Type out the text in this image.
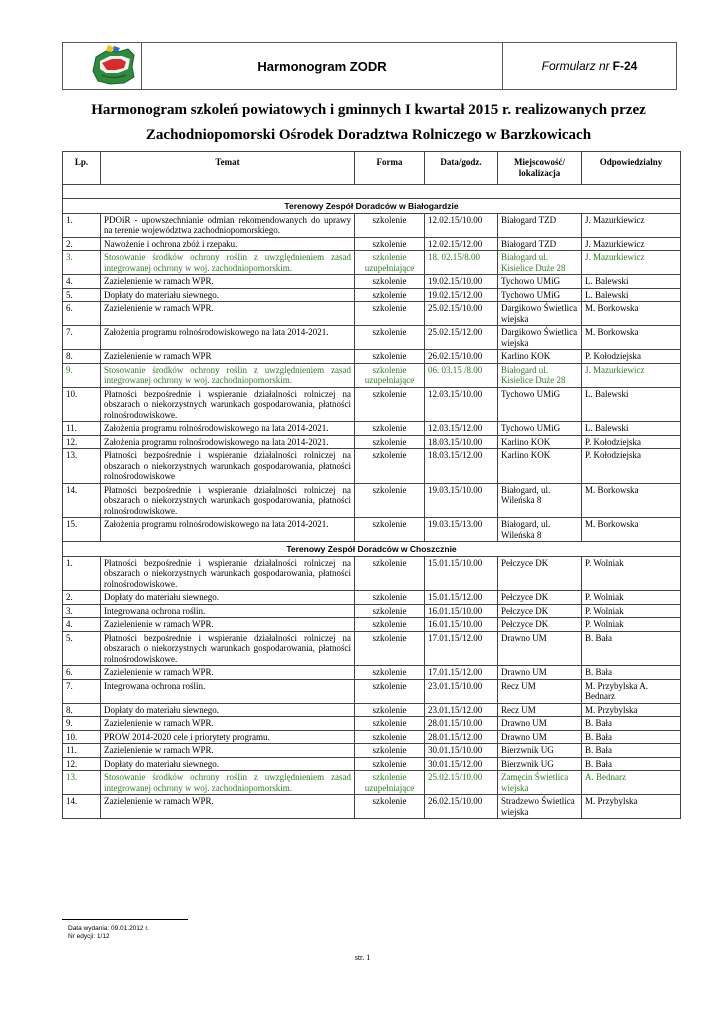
Harmonogram ZODR	Formularz nr F-24
Harmonogram szkoleń powiatowych i gminnych I kwartał 2015 r. realizowanych przez
Zachodniopomorski Ośrodek Doradztwa Rolniczego w Barzkowicach
Lp.	Temat	Forma	Data/godz.	Miejscowość/ lokalizacja	Odpowiedzialny

Terenowy Zespół Doradców w Białogardzie					
1.	PDOiR - upowszechnianie odmian rekomendowanych do uprawy na terenie województwa zachodniopomorskiego.	szkolenie	12.02.15/10.00	Białogard TZD	J. Mazurkiewicz
2.	Nawożenie i ochrona zbóż i rzepaku.	szkolenie	12.02.15/12.00	Białogard TZD	J. Mazurkiewicz
3.	Stosowanie środków ochrony roślin z uwzględnieniem zasad integrowanej ochrony w woj. zachodniopomorskim.	szkolenie uzupełniające	18. 02.15/8.00	Białogard ul. Kisielice Duże 28	J. Mazurkiewicz
4.	Zazielenienie w ramach WPR.	szkolenie	19.02.15/10.00	Tychowo UMiG	L. Balewski
5.	Dopłaty do materiału siewnego.	szkolenie	19.02.15/12.00	Tychowo UMiG	L. Balewski
6.	Zazielenienie w ramach WPR.	szkolenie	25.02.15/10.00	Dargikowo Świetlica wiejska	M. Borkowska
7.	Założenia programu rolnośrodowiskowego na lata 2014-2021.	szkolenie	25.02.15/12.00	Dargikowo Świetlica wiejska	M. Borkowska
8.	Zazielenienie w ramach WPR	szkolenie	26.02.15/10.00	Karlino KOK	P. Kołodziejska
9.	Stosowanie środków ochrony roślin z uwzględnieniem zasad integrowanej ochrony w woj. zachodniopomorskim.	szkolenie uzupełniające	06. 03.15 /8.00	Białogard ul. Kisielice Duże 28	J. Mazurkiewicz
10.	Płatności bezpośrednie i wspieranie działalności rolniczej na obszarach o niekorzystnych warunkach gospodarowania, płatności rolnośrodowiskowe.	szkolenie	12.03.15/10.00	Tychowo UMiG	L. Balewski
11.	Założenia programu rolnośrodowiskowego na lata 2014-2021.	szkolenie	12.03.15/12.00	Tychowo UMiG	L. Balewski
12.	Założenia programu rolnośrodowiskowego na lata 2014-2021.	szkolenie	18.03.15/10.00	Karlino KOK	P. Kołodziejska
13.	Płatności bezpośrednie i wspieranie działalności rolniczej na obszarach o niekorzystnych warunkach gospodarowania, płatności rolnośrodowiskowe	szkolenie	18.03.15/12.00	Karlino KOK	P. Kołodziejska
14.	Płatności bezpośrednie i wspieranie działalności rolniczej na obszarach o niekorzystnych warunkach gospodarowania, płatności rolnośrodowiskowe.	szkolenie	19.03.15/10.00	Białogard, ul. Wileńska 8	M. Borkowska
15.	Założenia programu rolnośrodowiskowego na lata 2014-2021.	szkolenie	19.03.15/13.00	Białogard, ul. Wileńska 8	M. Borkowska
Terenowy Zespół Doradców w Choszcznie					
1.	Płatności bezpośrednie i wspieranie działalności rolniczej na obszarach o niekorzystnych warunkach gospodarowania, płatności rolnośrodowiskowe.	szkolenie	15.01.15/10.00	Pełczyce DK	P. Wolniak
2.	Dopłaty do materiału siewnego.	szkolenie	15.01.15/12.00	Pełczyce DK	P. Wolniak
3.	Integrowana ochrona roślin.	szkolenie	16.01.15/10.00	Pełczyce DK	P. Wolniak
4.	Zazielenienie w ramach WPR.	szkolenie	16.01.15/10.00	Pełczyce DK	P. Wolniak
5.	Płatności bezpośrednie i wspieranie działalności rolniczej na obszarach o niekorzystnych warunkach gospodarowania, płatności rolnośrodowiskowe.	szkolenie	17.01.15/12.00	Drawno UM	B. Bała
6.	Zazielenienie w ramach WPR.	szkolenie	17.01.15/12.00	Drawno UM	B. Bała
7.	Integrowana ochrona roślin.	szkolenie	23.01.15/10.00	Recz UM	M. Przybylska A. Bednarz
8.	Dopłaty do materiału siewnego.	szkolenie	23.01.15/12.00	Recz UM	M. Przybylska
9.	Zazielenienie w ramach WPR.	szkolenie	28.01.15/10.00	Drawno UM	B. Bała
10.	PROW 2014-2020 cele i priorytety programu.	szkolenie	28.01.15/12.00	Drawno UM	B. Bała
11.	Zazielenienie w ramach WPR.	szkolenie	30.01.15/10.00	Bierzwnik UG	B. Bała
12.	Dopłaty do materiału siewnego.	szkolenie	30.01.15/12.00	Bierzwnik UG	B. Bała
13.	Stosowanie środków ochrony roślin z uwzględnieniem zasad integrowanej ochrony w woj. zachodniopomorskim.	szkolenie uzupełniające	25.02.15/10.00	Zamęcin Świetlica wiejska	A. Bednarz
14.	Zazielenienie w ramach WPR.	szkolenie	26.02.15/10.00	Stradzewo Świetlica wiejska	M. Przybylska
Data wydania: 09.01.2012 r.
Nr edycji: 1/12
str. 1
